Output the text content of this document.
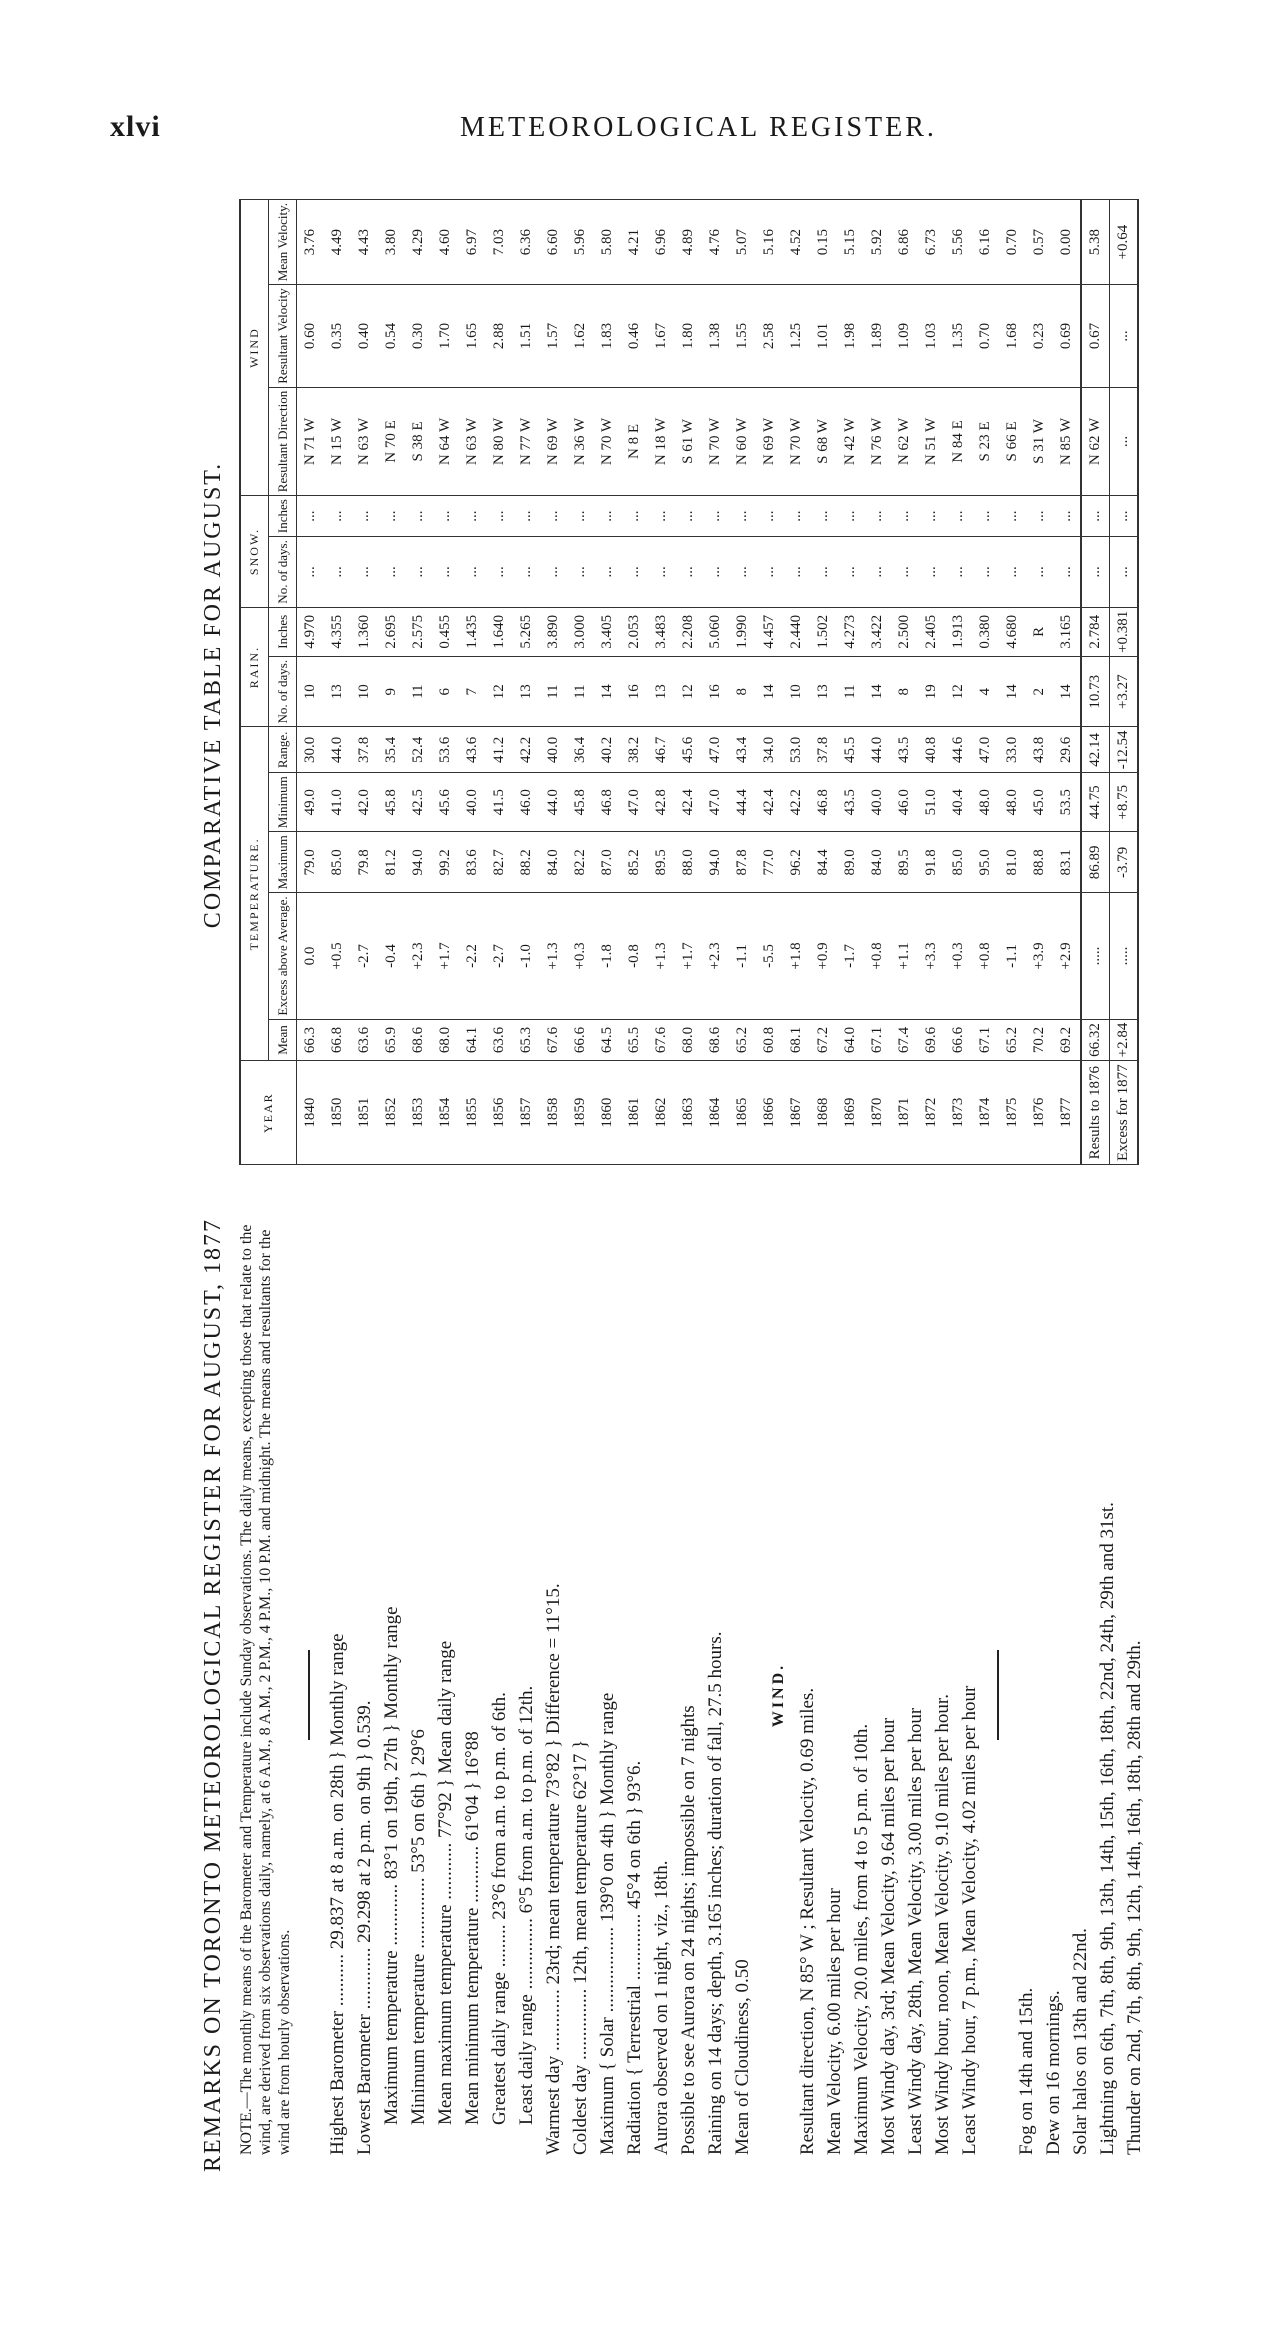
xlvi	METEOROLOGICAL REGISTER.
REMARKS ON TORONTO METEOROLOGICAL REGISTER FOR AUGUST, 1877 NOTE.—The monthly means of the Barometer and Temperature include Sunday observations. The daily means, excepting those that relate to the wind, are derived from six observations daily, namely, at 6 A.M., 8 A.M., 2 P.M., 4 P.M., 10 P.M. and midnight. The means and resultants for the wind are from hourly observations. Highest Barometer ........... 29.837 at 8 a.m. on 28th } Monthly range Lowest Barometer ............. 29.298 at 2 p.m. on 9th } 0.539. Maximum temperature ............. 83°1 on 19th, 27th } Monthly range Minimum temperature ............... 53°5 on 6th } 29°6 Mean maximum temperature ............ 77°92 } Mean daily range Mean minimum temperature ............ 61°04 } 16°88 Greatest daily range ......... 23°6 from a.m. to p.m. of 6th. Least daily range ............... 6°5 from a.m. to p.m. of 12th. Warmest day ............. 23rd; mean temperature 73°82 } Difference = 11°15. Coldest day ............... 12th, mean temperature 62°17 } Maximum { Solar .................. 139°0 on 4th } Monthly range Radiation { Terrestrial .............. 45°4 on 6th } 93°6. Aurora observed on 1 night, viz., 18th. Possible to see Aurora on 24 nights; impossible on 7 nights Raining on 14 days; depth, 3.165 inches; duration of fall, 27.5 hours. Mean of Cloudiness, 0.50
WIND. Resultant direction, N 85° W ; Resultant Velocity, 0.69 miles. Mean Velocity, 6.00 miles per hour Maximum Velocity, 20.0 miles, from 4 to 5 p.m. of 10th. Most Windy day, 3rd; Mean Velocity, 9.64 miles per hour Least Windy day, 28th, Mean Velocity, 3.00 miles per hour Most Windy hour, noon, Mean Velocity, 9.10 miles per hour. Least Windy hour, 7 p.m., Mean Velocity, 4.02 miles per hour Fog on 14th and 15th. Dew on 16 mornings. Solar halos on 13th and 22nd. Lightning on 6th, 7th, 8th, 9th, 13th, 14th, 15th, 16th, 18th, 22nd, 24th, 29th and 31st. Thunder on 2nd, 7th, 8th, 9th, 12th, 14th, 16th, 18th, 28th and 29th.
COMPARATIVE TABLE FOR AUGUST.
YEAR	TEMPERATURE.					RAIN.		SNOW.		WIND		
	Mean	Excess above Average.	Maximum	Minimum	Range.	No. of days.	Inches	No. of days.	Inches	Resultant Direction	Resultant Velocity	Mean Velocity.
1840	66.3	0.0	79.0	49.0	30.0	10	4.970	...	...	N 71 W	0.60	3.76
1850	66.8	+0.5	85.0	41.0	44.0	13	4.355	...	...	N 15 W	0.35	4.49
1851	63.6	-2.7	79.8	42.0	37.8	10	1.360	...	...	N 63 W	0.40	4.43
1852	65.9	-0.4	81.2	45.8	35.4	9	2.695	...	...	N 70 E	0.54	3.80
1853	68.6	+2.3	94.0	42.5	52.4	11	2.575	...	...	S 38 E	0.30	4.29
1854	68.0	+1.7	99.2	45.6	53.6	6	0.455	...	...	N 64 W	1.70	4.60
1855	64.1	-2.2	83.6	40.0	43.6	7	1.435	...	...	N 63 W	1.65	6.97
1856	63.6	-2.7	82.7	41.5	41.2	12	1.640	...	...	N 80 W	2.88	7.03
1857	65.3	-1.0	88.2	46.0	42.2	13	5.265	...	...	N 77 W	1.51	6.36
1858	67.6	+1.3	84.0	44.0	40.0	11	3.890	...	...	N 69 W	1.57	6.60
1859	66.6	+0.3	82.2	45.8	36.4	11	3.000	...	...	N 36 W	1.62	5.96
1860	64.5	-1.8	87.0	46.8	40.2	14	3.405	...	...	N 70 W	1.83	5.80
1861	65.5	-0.8	85.2	47.0	38.2	16	2.053	...	...	N 8 E	0.46	4.21
1862	67.6	+1.3	89.5	42.8	46.7	13	3.483	...	...	N 18 W	1.67	6.96
1863	68.0	+1.7	88.0	42.4	45.6	12	2.208	...	...	S 61 W	1.80	4.89
1864	68.6	+2.3	94.0	47.0	47.0	16	5.060	...	...	N 70 W	1.38	4.76
1865	65.2	-1.1	87.8	44.4	43.4	8	1.990	...	...	N 60 W	1.55	5.07
1866	60.8	-5.5	77.0	42.4	34.0	14	4.457	...	...	N 69 W	2.58	5.16
1867	68.1	+1.8	96.2	42.2	53.0	10	2.440	...	...	N 70 W	1.25	4.52
1868	67.2	+0.9	84.4	46.8	37.8	13	1.502	...	...	S 68 W	1.01	0.15
1869	64.0	-1.7	89.0	43.5	45.5	11	4.273	...	...	N 42 W	1.98	5.15
1870	67.1	+0.8	84.0	40.0	44.0	14	3.422	...	...	N 76 W	1.89	5.92
1871	67.4	+1.1	89.5	46.0	43.5	8	2.500	...	...	N 62 W	1.09	6.86
1872	69.6	+3.3	91.8	51.0	40.8	19	2.405	...	...	N 51 W	1.03	6.73
1873	66.6	+0.3	85.0	40.4	44.6	12	1.913	...	...	N 84 E	1.35	5.56
1874	67.1	+0.8	95.0	48.0	47.0	4	0.380	...	...	S 23 E	0.70	6.16
1875	65.2	-1.1	81.0	48.0	33.0	14	4.680	...	...	S 66 E	1.68	0.70
1876	70.2	+3.9	88.8	45.0	43.8	2	R	...	...	S 31 W	0.23	0.57
1877	69.2	+2.9	83.1	53.5	29.6	14	3.165	...	...	N 85 W	0.69	0.00
Results to 1876	66.32	.....	86.89	44.75	42.14	10.73	2.784	...	...	N 62 W	0.67	5.38
Excess for 1877	+2.84	.....	-3.79	+8.75	-12.54	+3.27	+0.381	...	...	...	...	+0.64
